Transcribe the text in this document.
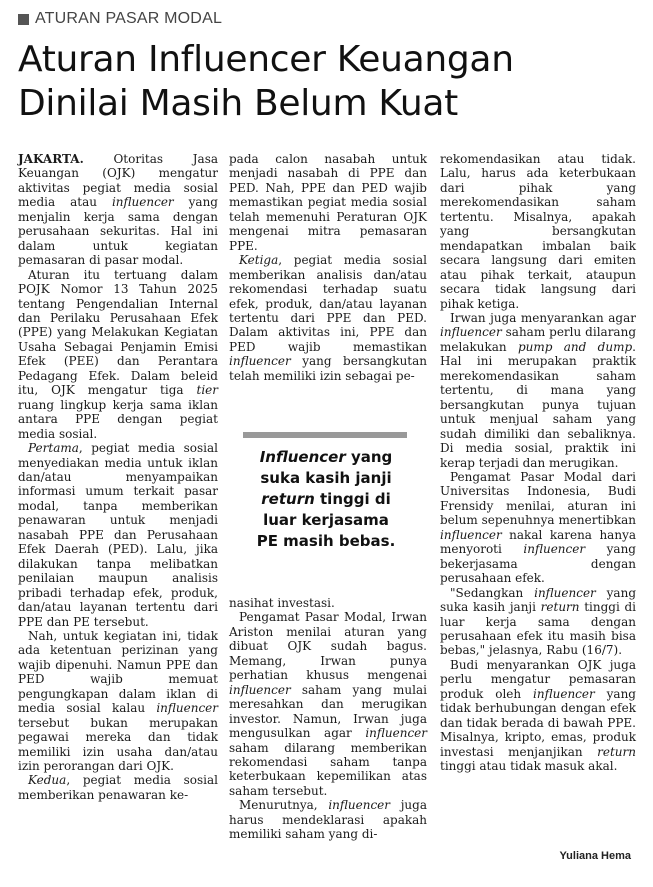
ATURAN PASAR MODAL
Aturan Influencer Keuangan
Dinilai Masih Belum Kuat

JAKARTA. Otoritas Jasa Keuangan (OJK) mengatur aktivitas pegiat media sosial media atau influencer yang menjalin kerja sama dengan perusahaan sekuritas. Hal ini dalam untuk kegiatan pemasaran di pasar modal.

Aturan itu tertuang dalam POJK Nomor 13 Tahun 2025 tentang Pengendalian Internal dan Perilaku Perusahaan Efek (PPE) yang Melakukan Kegiatan Usaha Sebagai Penjamin Emisi Efek (PEE) dan Perantara Pedagang Efek. Dalam beleid itu, OJK mengatur tiga tier ruang lingkup kerja sama iklan antara PPE dengan pegiat media sosial.

Pertama, pegiat media sosial menyediakan media untuk iklan dan/atau menyampaikan informasi umum terkait pasar modal, tanpa memberikan penawaran untuk menjadi nasabah PPE dan Perusahaan Efek Daerah (PED). Lalu, jika dilakukan tanpa melibatkan penilaian maupun analisis pribadi terhadap efek, produk, dan/atau layanan tertentu dari PPE dan PE tersebut.

Nah, untuk kegiatan ini, tidak ada ketentuan perizinan yang wajib dipenuhi. Namun PPE dan PED wajib memuat pengungkapan dalam iklan di media sosial kalau influencer tersebut bukan merupakan pegawai mereka dan tidak memiliki izin usaha dan/atau izin perorangan dari OJK.

Kedua, pegiat media sosial memberikan penawaran ke-

pada calon nasabah untuk menjadi nasabah di PPE dan PED. Nah, PPE dan PED wajib memastikan pegiat media sosial telah memenuhi Peraturan OJK mengenai mitra pemasaran PPE.

Ketiga, pegiat media sosial memberikan analisis dan/atau rekomendasi terhadap suatu efek, produk, dan/atau layanan tertentu dari PPE dan PED. Dalam aktivitas ini, PPE dan PED wajib memastikan influencer yang bersangkutan telah memiliki izin sebagai pe-

Influencer yang
suka kasih janji
return tinggi di
luar kerjasama
PE masih bebas.

nasihat investasi.

Pengamat Pasar Modal, Irwan Ariston menilai aturan yang dibuat OJK sudah bagus. Memang, Irwan punya perhatian khusus mengenai influencer saham yang mulai meresahkan dan merugikan investor. Namun, Irwan juga mengusulkan agar influencer saham dilarang memberikan rekomendasi saham tanpa keterbukaan kepemilikan atas saham tersebut.

Menurutnya, influencer juga harus mendeklarasi apakah memiliki saham yang di-

rekomendasikan atau tidak. Lalu, harus ada keterbukaan dari pihak yang merekomendasikan saham tertentu. Misalnya, apakah yang bersangkutan mendapatkan imbalan baik secara langsung dari emiten atau pihak terkait, ataupun secara tidak langsung dari pihak ketiga.

Irwan juga menyarankan agar influencer saham perlu dilarang melakukan pump and dump. Hal ini merupakan praktik merekomendasikan saham tertentu, di mana yang bersangkutan punya tujuan untuk menjual saham yang sudah dimiliki dan sebaliknya. Di media sosial, praktik ini kerap terjadi dan merugikan.

Pengamat Pasar Modal dari Universitas Indonesia, Budi Frensidy menilai, aturan ini belum sepenuhnya menertibkan influencer nakal karena hanya menyoroti influencer yang bekerjasama dengan perusahaan efek.

"Sedangkan influencer yang suka kasih janji return tinggi di luar kerja sama dengan perusahaan efek itu masih bisa bebas," jelasnya, Rabu (16/7).

Budi menyarankan OJK juga perlu mengatur pemasaran produk oleh influencer yang tidak berhubungan dengan efek dan tidak berada di bawah PPE. Misalnya, kripto, emas, produk investasi menjanjikan return tinggi atau tidak masuk akal.

Yuliana Hema
